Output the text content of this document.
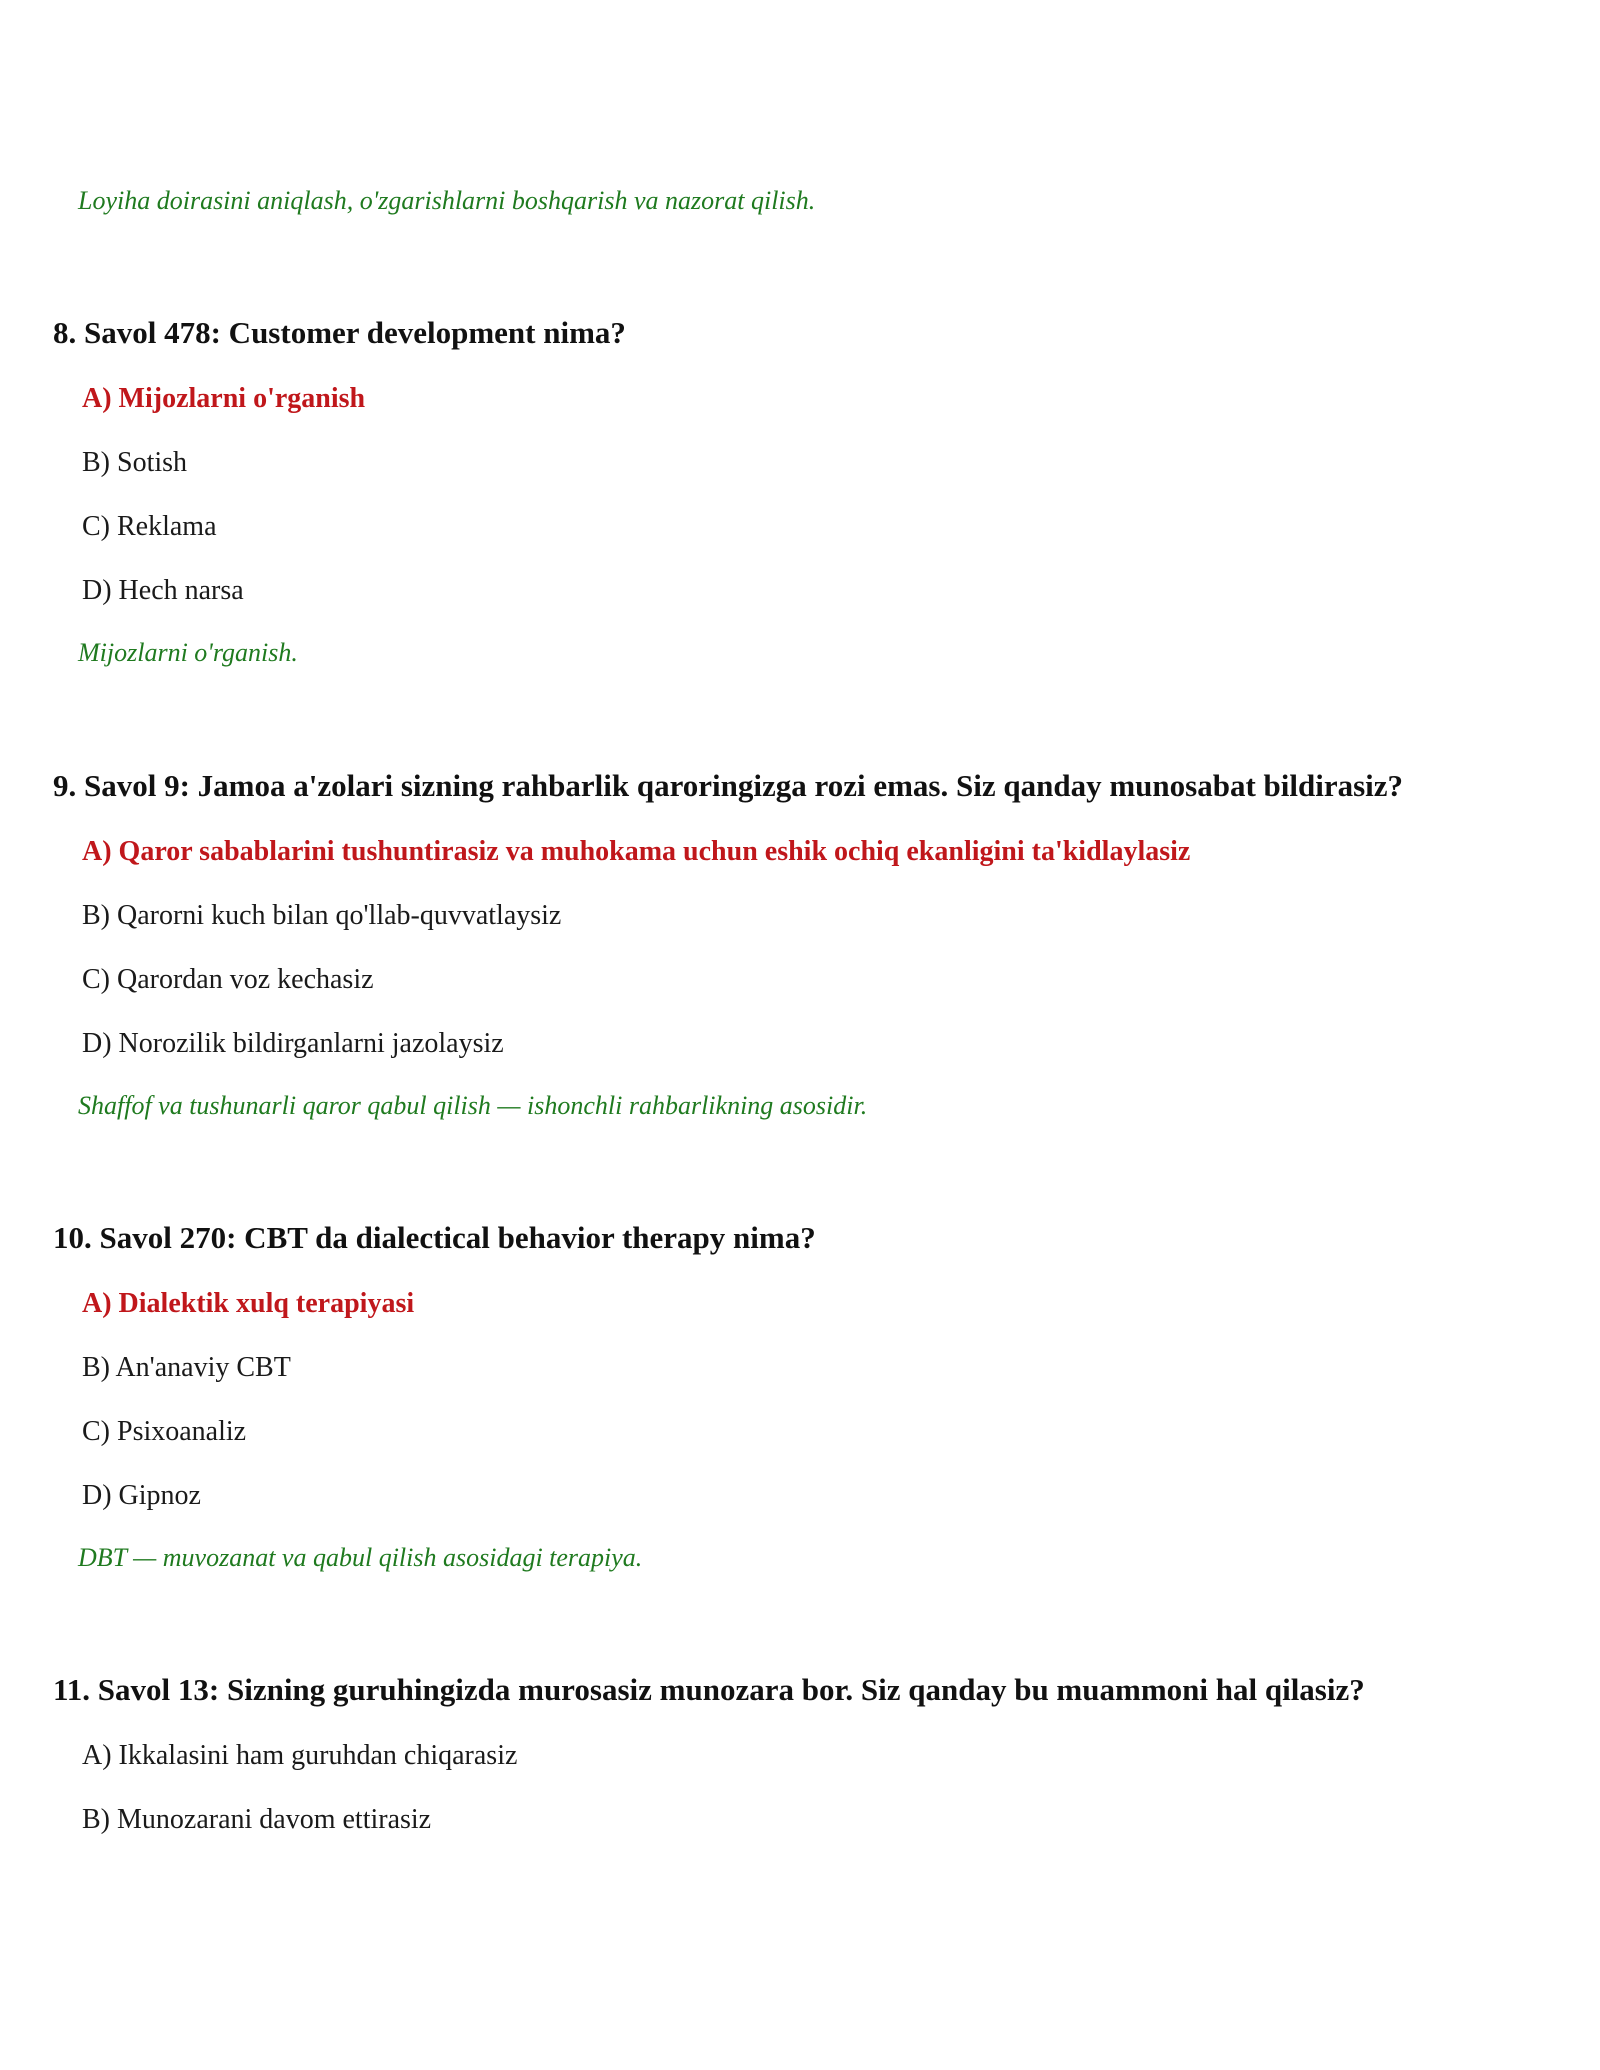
Loyiha doirasini aniqlash, o'zgarishlarni boshqarish va nazorat qilish.
8. Savol 478: Customer development nima?
A) Mijozlarni o'rganish
B) Sotish
C) Reklama
D) Hech narsa
Mijozlarni o'rganish.
9. Savol 9: Jamoa a'zolari sizning rahbarlik qaroringizga rozi emas. Siz qanday munosabat bildirasiz?
A) Qaror sabablarini tushuntirasiz va muhokama uchun eshik ochiq ekanligini ta'kidlaylasiz
B) Qarorni kuch bilan qo'llab-quvvatlaysiz
C) Qarordan voz kechasiz
D) Norozilik bildirganlarni jazolaysiz
Shaffof va tushunarli qaror qabul qilish — ishonchli rahbarlikning asosidir.
10. Savol 270: CBT da dialectical behavior therapy nima?
A) Dialektik xulq terapiyasi
B) An'anaviy CBT
C) Psixoanaliz
D) Gipnoz
DBT — muvozanat va qabul qilish asosidagi terapiya.
11. Savol 13: Sizning guruhingizda murosasiz munozara bor. Siz qanday bu muammoni hal qilasiz?
A) Ikkalasini ham guruhdan chiqarasiz
B) Munozarani davom ettirasiz
